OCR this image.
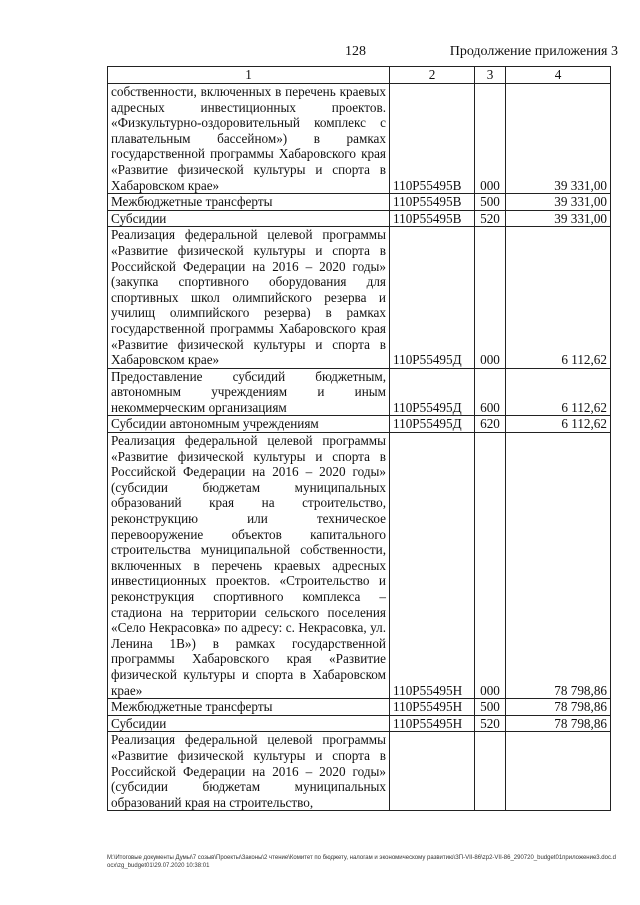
128	Продолжение приложения 3
1	2	3	4
собственности, включенных в перечень краевых адресных инвестиционных проектов. «Физкультурно-оздоровительный комплекс с плавательным бассейном») в рамках государственной программы Хабаровского края «Развитие физической культуры и спорта в Хабаровском крае»	110P55495B	000	39 331,00
Межбюджетные трансферты	110P55495B	500	39 331,00
Субсидии	110P55495B	520	39 331,00
Реализация федеральной целевой программы «Развитие физической культуры и спорта в Российской Федерации на 2016 – 2020 годы» (закупка спортивного оборудования для спортивных школ олимпийского резерва и училищ олимпийского резерва) в рамках государственной программы Хабаровского края «Развитие физической культуры и спорта в Хабаровском крае»	110P55495Д	000	6 112,62
Предоставление субсидий бюджетным, автономным учреждениям и иным некоммерческим организациям	110P55495Д	600	6 112,62
Субсидии автономным учреждениям	110P55495Д	620	6 112,62
Реализация федеральной целевой программы «Развитие физической культуры и спорта в Российской Федерации на 2016 – 2020 годы» (субсидии бюджетам муниципальных образований края на строительство, реконструкцию или техническое перевооружение объектов капитального строительства муниципальной собственности, включенных в перечень краевых адресных инвестиционных проектов. «Строительство и реконструкция спортивного комплекса – стадиона на территории сельского поселения «Село Некрасовка» по адресу: с. Некрасовка, ул. Ленина 1В») в рамках государственной программы Хабаровского края «Развитие физической культуры и спорта в Хабаровском крае»	110P55495H	000	78 798,86
Межбюджетные трансферты	110P55495H	500	78 798,86
Субсидии	110P55495H	520	78 798,86
Реализация федеральной целевой программы «Развитие физической культуры и спорта в Российской Федерации на 2016 – 2020 годы» (субсидии бюджетам муниципальных образований края на строительство,			
M:\Итоговые документы Думы\7 созыв\Проекты\Законы\2 чтение\Комитет по бюджету, налогам и экономическому развитию\ЗП-VII-86\zp2-VII-86_290720_budget01приложение3.doc.docx\zg_budget01\29.07.2020 10:38:01
